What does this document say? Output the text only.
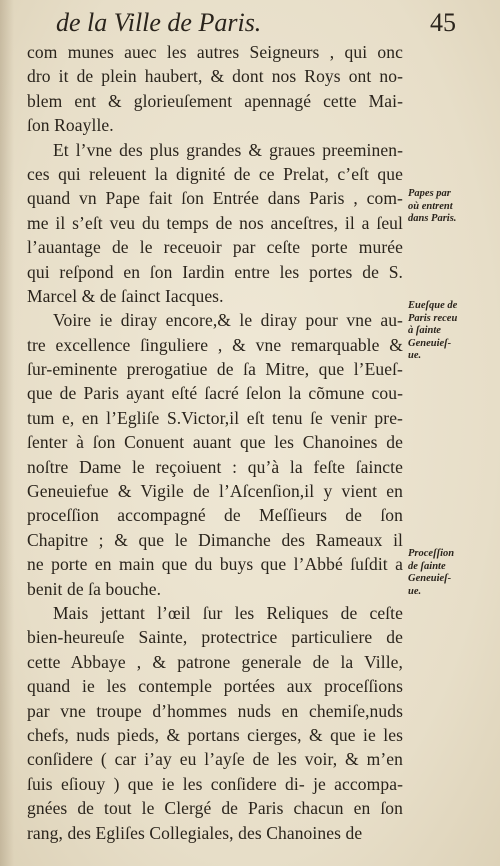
de la Ville de Paris.	45
com munes auec les autres Seigneurs , qui onc
dro it de plein haubert, & dont nos Roys ont no-
blem ent & glorieuſement apennagé cette Mai-
ſon Roaylle.
Et l’vne des plus grandes & graues preeminen-
ces qui releuent la dignité de ce Prelat, c’eſt que
quand vn Pape fait ſon Entrée dans Paris , com-
me il s’eſt veu du temps de nos anceſtres, il a ſeul
l’auantage de le receuoir par ceſte porte murée
qui reſpond en ſon Iardin entre les portes de S.
Marcel & de ſainct Iacques.
Voire ie diray encore,& le diray pour vne au-
tre excellence ſinguliere , & vne remarquable &
ſur-eminente prerogatiue de ſa Mitre, que l’Eueſ-
que de Paris ayant eſté ſacré ſelon la cõmune cou-
tum e, en l’Egliſe S.Victor,il eſt tenu ſe venir pre-
ſenter à ſon Conuent auant que les Chanoines de
noſtre Dame le reçoiuent : qu’à la feſte ſaincte
Geneuiefue & Vigile de l’Aſcenſion,il y vient en
proceſſion accompagné de Meſſieurs de ſon
Chapitre ; & que le Dimanche des Rameaux il
ne porte en main que du buys que l’Abbé ſuſdit a
benit de ſa bouche.
Mais jettant l’œil ſur les Reliques de ceſte
bien-heureuſe Sainte, protectrice particuliere de
cette Abbaye , & patrone generale de la Ville,
quand ie les contemple portées aux proceſſions
par vne troupe d’hommes nuds en chemiſe,nuds
chefs, nuds pieds, & portans cierges, & que ie les
conſidere ( car i’ay eu l’ayſe de les voir, & m’en
ſuis eſiouy ) que ie les conſidere di- je accompa-
gnées de tout le Clergé de Paris chacun en ſon
rang, des Egliſes Collegiales, des Chanoines de
Papes par
où entrent
dans Paris.
Eueſque de
Paris receu
à ſainte
Geneuieſ-
ue.
Proceſſion
de ſainte
Geneuieſ-
ue.
